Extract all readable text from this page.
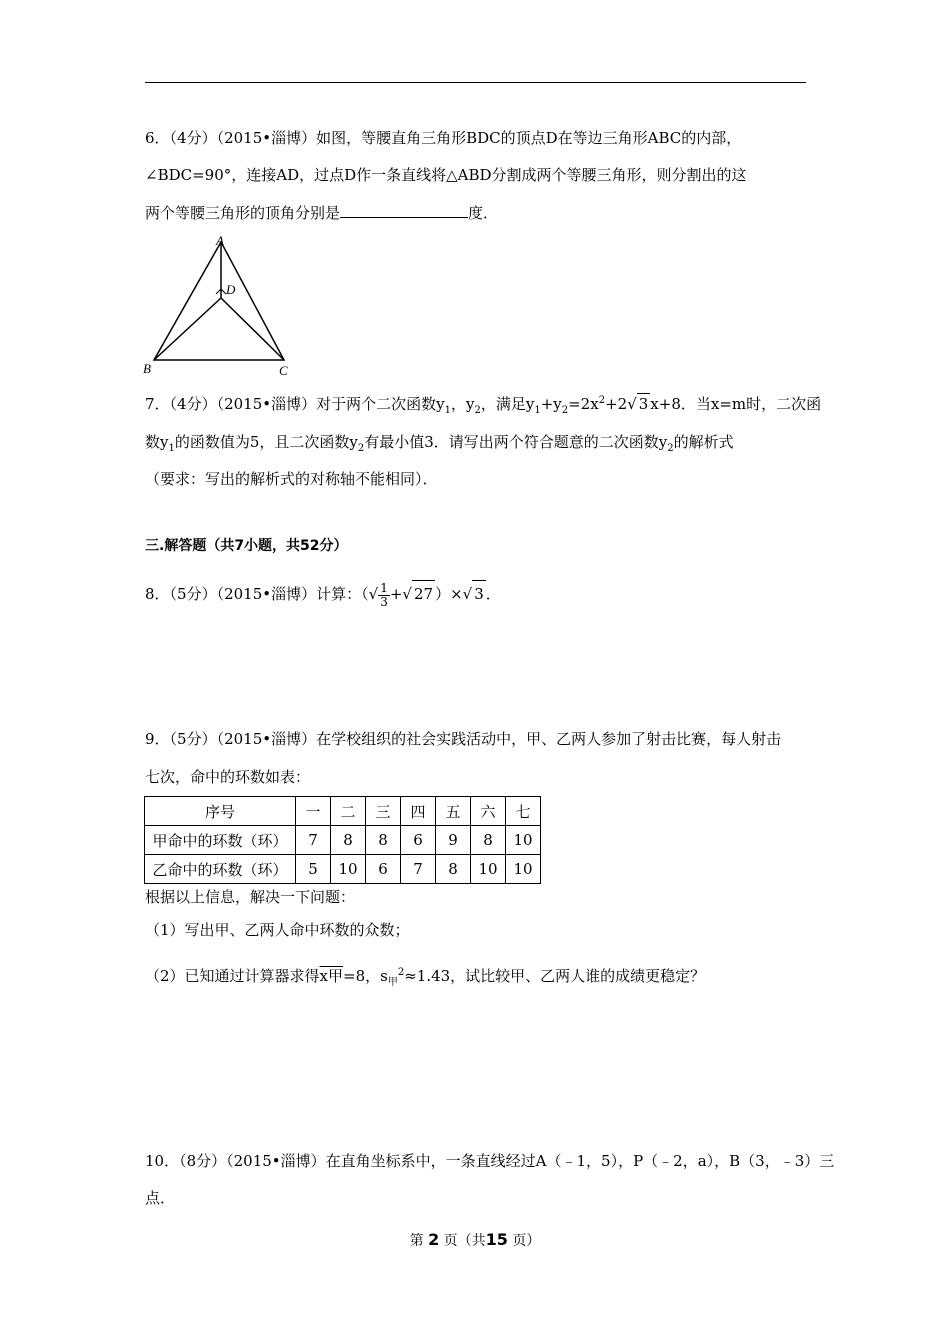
6．（4分）（2015•淄博）如图，等腰直角三角形BDC的顶点D在等边三角形ABC的内部，
∠BDC=90°，连接AD，过点D作一条直线将△ABD分割成两个等腰三角形，则分割出的这
两个等腰三角形的顶角分别是	度．
A
D
B	C
7．（4分）（2015•淄博）对于两个二次函数$y_1$，$y_2$，满足$y_1+y_2=2x^2+2√$ 3 x+8．当x=m时，二次函
数$y_1$的函数值为5，且二次函数$y_2$有最小值3．请写出两个符合题意的二次函数$y_2$的解析式
（要求：写出的解析式的对称轴不能相同）．
三.解答题（共7小题，共52分）
8．（5分）（2015•淄博）计算：（√ $\frac{1}{3}$ +√ 27 ）×√ 3 ．
9．（5分）（2015•淄博）在学校组织的社会实践活动中，甲、乙两人参加了射击比赛，每人射击
七次，命中的环数如表：
序号	一	二	三	四	五	六	七
甲命中的环数（环）	7	8	8	6	9	8	10
乙命中的环数（环）	5	10	6	7	8	10	10
根据以上信息，解决一下问题：
（1）写出甲、乙两人命中环数的众数；
（2）已知通过计算器求得x甲=8，$s_甲^2\approx 1.43$，试比较甲、乙两人谁的成绩更稳定？
10．（8分）（2015•淄博）在直角坐标系中，一条直线经过A（﹣1，5），P（﹣2，a），B（3，﹣3）三
点．
第 2 页（共15 页）
